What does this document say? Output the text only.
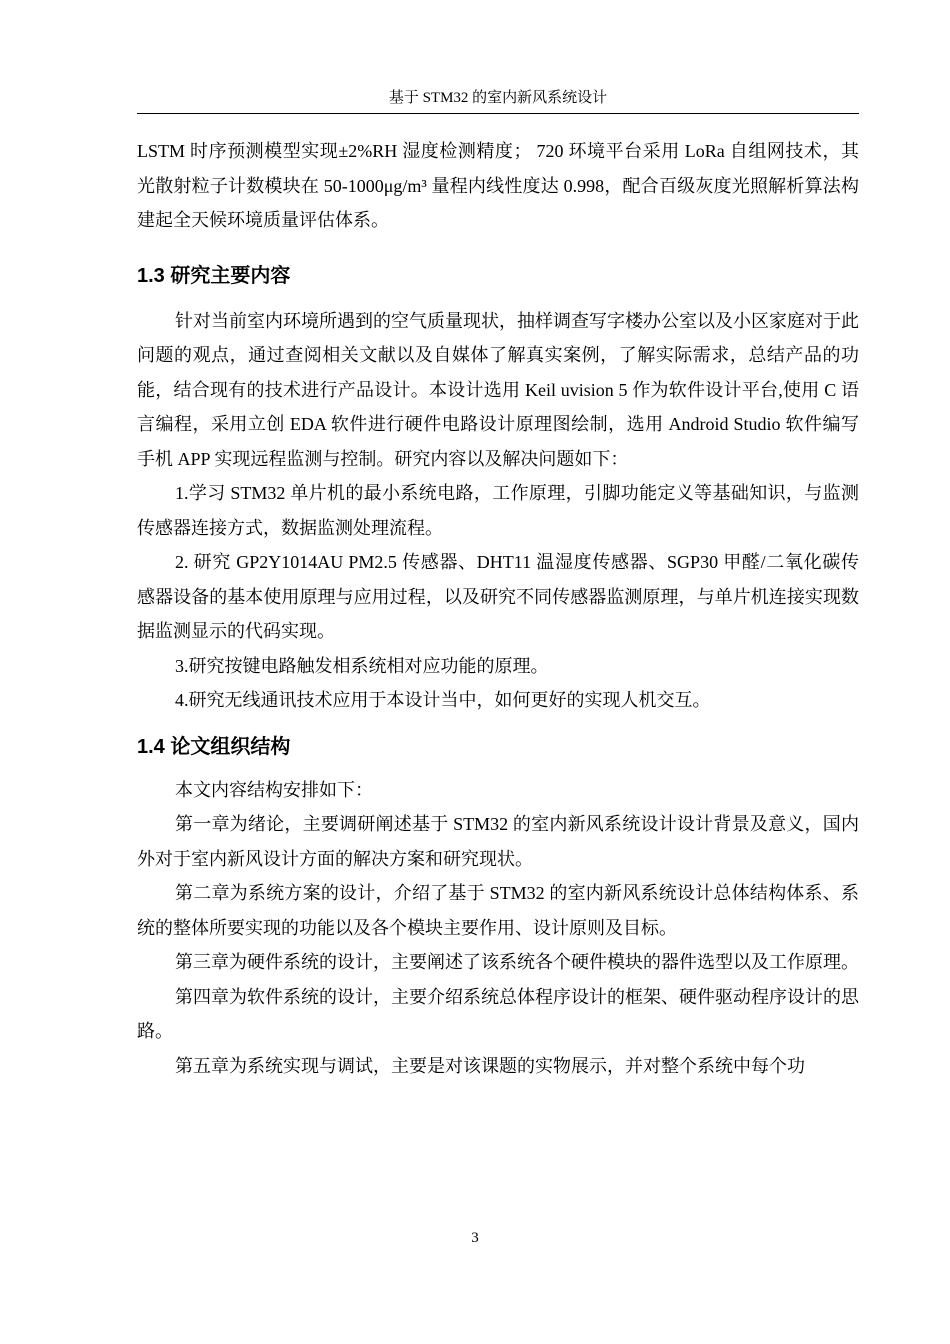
基于 STM32 的室内新风系统设计

LSTM 时序预测模型实现±2%RH 湿度检测精度； 720 环境平台采用 LoRa 自组网技术，其光散射粒子计数模块在 50-1000μg/m³ 量程内线性度达 0.998，配合百级灰度光照解析算法构建起全天候环境质量评估体系。

1.3 研究主要内容

针对当前室内环境所遇到的空气质量现状，抽样调查写字楼办公室以及小区家庭对于此问题的观点，通过查阅相关文献以及自媒体了解真实案例，了解实际需求，总结产品的功能，结合现有的技术进行产品设计。本设计选用 Keil uvision 5 作为软件设计平台,使用 C 语言编程，采用立创 EDA 软件进行硬件电路设计原理图绘制，选用 Android Studio 软件编写手机 APP 实现远程监测与控制。研究内容以及解决问题如下：

1.学习 STM32 单片机的最小系统电路，工作原理，引脚功能定义等基础知识，与监测传感器连接方式，数据监测处理流程。

2. 研究 GP2Y1014AU PM2.5 传感器、DHT11 温湿度传感器、SGP30 甲醛/二氧化碳传感器设备的基本使用原理与应用过程，以及研究不同传感器监测原理，与单片机连接实现数据监测显示的代码实现。

3.研究按键电路触发相系统相对应功能的原理。

4.研究无线通讯技术应用于本设计当中，如何更好的实现人机交互。

1.4 论文组织结构

本文内容结构安排如下：

第一章为绪论，主要调研阐述基于 STM32 的室内新风系统设计设计背景及意义，国内外对于室内新风设计方面的解决方案和研究现状。

第二章为系统方案的设计，介绍了基于 STM32 的室内新风系统设计总体结构体系、系统的整体所要实现的功能以及各个模块主要作用、设计原则及目标。

第三章为硬件系统的设计，主要阐述了该系统各个硬件模块的器件选型以及工作原理。

第四章为软件系统的设计，主要介绍系统总体程序设计的框架、硬件驱动程序设计的思路。

第五章为系统实现与调试，主要是对该课题的实物展示，并对整个系统中每个功

3
